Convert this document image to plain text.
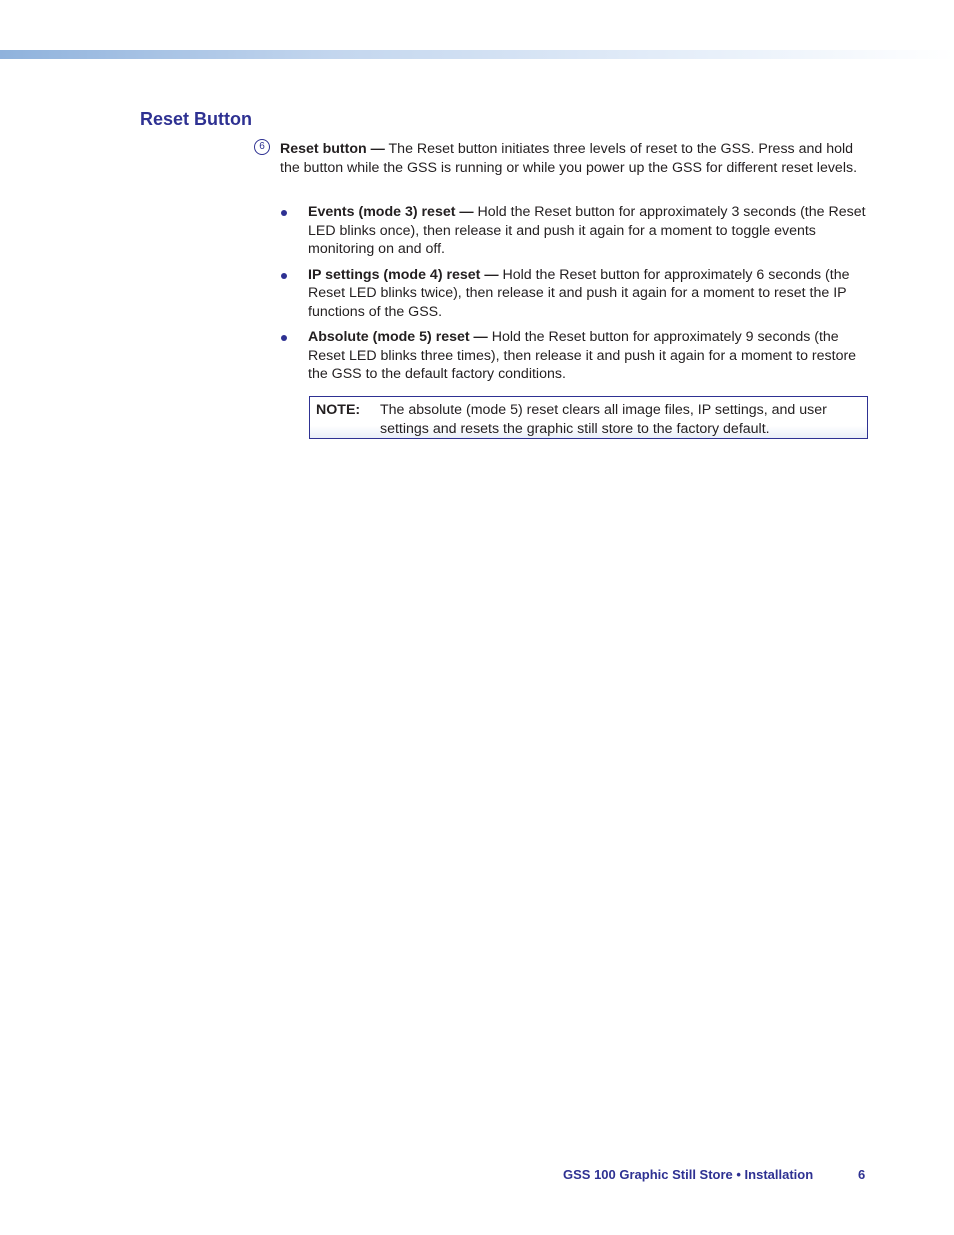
Reset Button
6	Reset button — The Reset button initiates three levels of reset to the GSS. Press and hold the button while the GSS is running or while you power up the GSS for different reset levels.

Events (mode 3) reset — Hold the Reset button for approximately 3 seconds (the Reset LED blinks once), then release it and push it again for a moment to toggle events monitoring on and off.
IP settings (mode 4) reset — Hold the Reset button for approximately 6 seconds (the Reset LED blinks twice), then release it and push it again for a moment to reset the IP functions of the GSS.
Absolute (mode 5) reset — Hold the Reset button for approximately 9 seconds (the Reset LED blinks three times), then release it and push it again for a moment to restore the GSS to the default factory conditions.
NOTE: The absolute (mode 5) reset clears all image files, IP settings, and user settings and resets the graphic still store to the factory default.
GSS 100 Graphic Still Store • Installation	6
